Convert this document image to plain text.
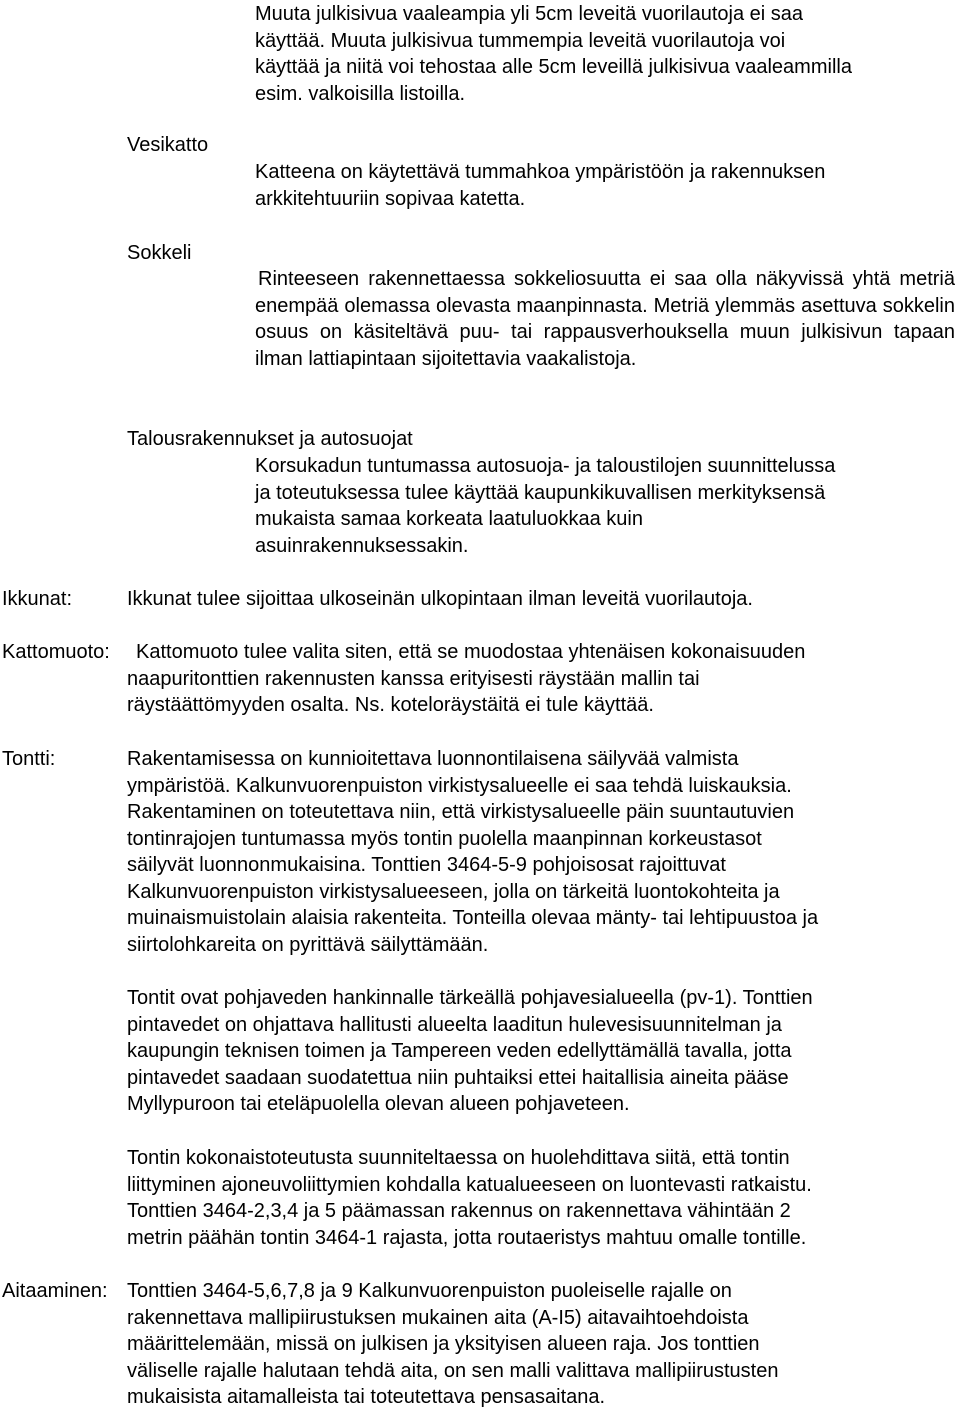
Muuta julkisivua vaaleampia yli 5cm leveitä vuorilautoja ei saa
käyttää. Muuta julkisivua tummempia leveitä vuorilautoja voi
käyttää ja niitä voi tehostaa alle 5cm leveillä julkisivua vaaleammilla
esim. valkoisilla listoilla.
Vesikatto
Katteena on käytettävä tummahkoa ympäristöön ja rakennuksen
arkkitehtuuriin sopivaa katetta.
Sokkeli

Rinteeseen rakennettaessa sokkeliosuutta ei saa olla näkyvissä yhtä metriä enempää olemassa olevasta maanpinnasta. Metriä ylemmäs asettuva sokkelin osuus on käsiteltävä puu- tai rappausverhouksella muun julkisivun tapaan ilman lattiapintaan sijoitettavia vaakalistoja.

Talousrakennukset ja autosuojat
Korsukadun tuntumassa autosuoja- ja taloustilojen suunnittelussa
ja toteutuksessa tulee käyttää kaupunkikuvallisen merkityksensä
mukaista samaa korkeata laatuluokkaa kuin
asuinrakennuksessakin.
Ikkunat:	Ikkunat tulee sijoittaa ulkoseinän ulkopintaan ilman leveitä vuorilautoja.
Kattomuoto: Kattomuoto tulee valita siten, että se muodostaa yhtenäisen kokonaisuuden
naapuritonttien rakennusten kanssa erityisesti räystään mallin tai
räystäättömyyden osalta. Ns. koteloräystäitä ei tule käyttää.
Tontti:	Rakentamisessa on kunnioitettava luonnontilaisena säilyvää valmista
ympäristöä. Kalkunvuorenpuiston virkistysalueelle ei saa tehdä luiskauksia.
Rakentaminen on toteutettava niin, että virkistysalueelle päin suuntautuvien
tontinrajojen tuntumassa myös tontin puolella maanpinnan korkeustasot
säilyvät luonnonmukaisina. Tonttien 3464-5-9 pohjoisosat rajoittuvat
Kalkunvuorenpuiston virkistysalueeseen, jolla on tärkeitä luontokohteita ja
muinaismuistolain alaisia rakenteita. Tonteilla olevaa mänty- tai lehtipuustoa ja
siirtolohkareita on pyrittävä säilyttämään.
Tontit ovat pohjaveden hankinnalle tärkeällä pohjavesialueella (pv-1). Tonttien
pintavedet on ohjattava hallitusti alueelta laaditun hulevesisuunnitelman ja
kaupungin teknisen toimen ja Tampereen veden edellyttämällä tavalla, jotta
pintavedet saadaan suodatettua niin puhtaiksi ettei haitallisia aineita pääse
Myllypuroon tai eteläpuolella olevan alueen pohjaveteen.
Tontin kokonaistoteutusta suunniteltaessa on huolehdittava siitä, että tontin
liittyminen ajoneuvoliittymien kohdalla katualueeseen on luontevasti ratkaistu.
Tonttien 3464-2,3,4 ja 5 päämassan rakennus on rakennettava vähintään 2
metrin päähän tontin 3464-1 rajasta, jotta routaeristys mahtuu omalle tontille.
Aitaaminen: Tonttien 3464-5,6,7,8 ja 9 Kalkunvuorenpuiston puoleiselle rajalle on
rakennettava mallipiirustuksen mukainen aita (A-I5) aitavaihtoehdoista
määrittelemään, missä on julkisen ja yksityisen alueen raja. Jos tonttien
väliselle rajalle halutaan tehdä aita, on sen malli valittava mallipiirustusten
mukaisista aitamalleista tai toteutettava pensasaitana.
